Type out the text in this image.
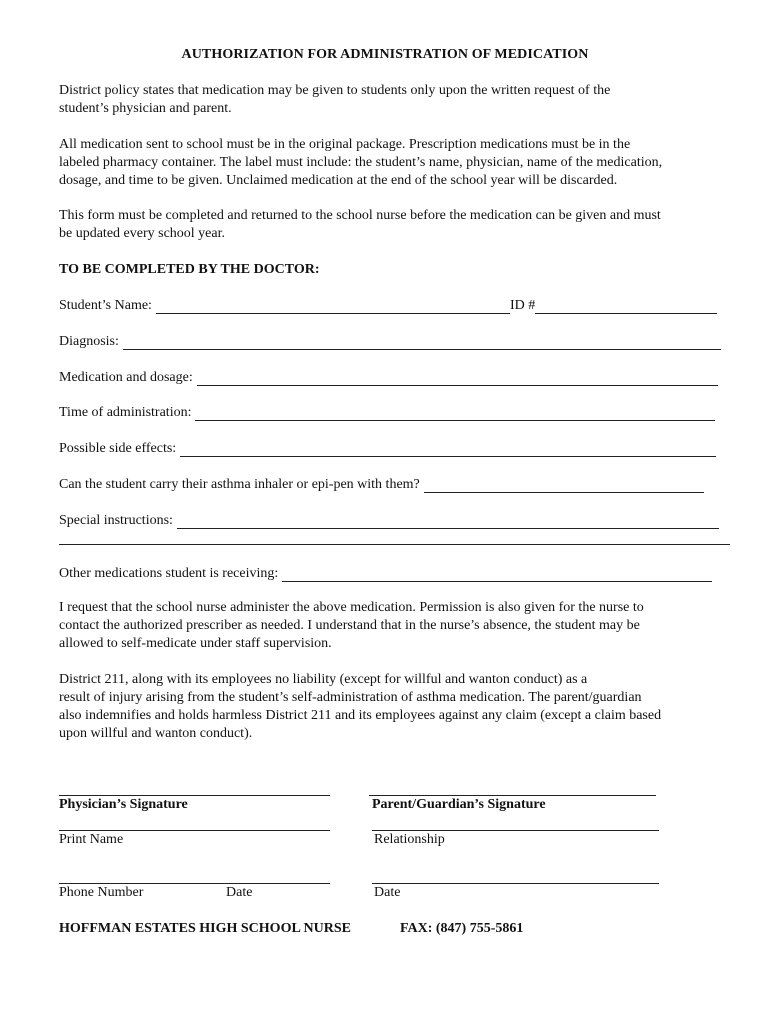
AUTHORIZATION FOR ADMINISTRATION OF MEDICATION
District policy states that medication may be given to students only upon the written request of the
student’s physician and parent.
All medication sent to school must be in the original package. Prescription medications must be in the
labeled pharmacy container. The label must include: the student’s name, physician, name of the medication,
dosage, and time to be given. Unclaimed medication at the end of the school year will be discarded.
This form must be completed and returned to the school nurse before the medication can be given and must
be updated every school year.
TO BE COMPLETED BY THE DOCTOR:
Student’s Name:	ID #
Diagnosis:
Medication and dosage:
Time of administration:
Possible side effects:
Can the student carry their asthma inhaler or epi-pen with them?
Special instructions:
Other medications student is receiving:
I request that the school nurse administer the above medication. Permission is also given for the nurse to
contact the authorized prescriber as needed. I understand that in the nurse’s absence, the student may be
allowed to self-medicate under staff supervision.
District 211, along with its employees no liability (except for willful and wanton conduct) as a
result of injury arising from the student’s self-administration of asthma medication. The parent/guardian
also indemnifies and holds harmless District 211 and its employees against any claim (except a claim based
upon willful and wanton conduct).
Physician’s Signature	Parent/Guardian’s Signature
Print Name	Relationship
Phone Number	Date	Date
HOFFMAN ESTATES HIGH SCHOOL NURSE	FAX: (847) 755-5861
